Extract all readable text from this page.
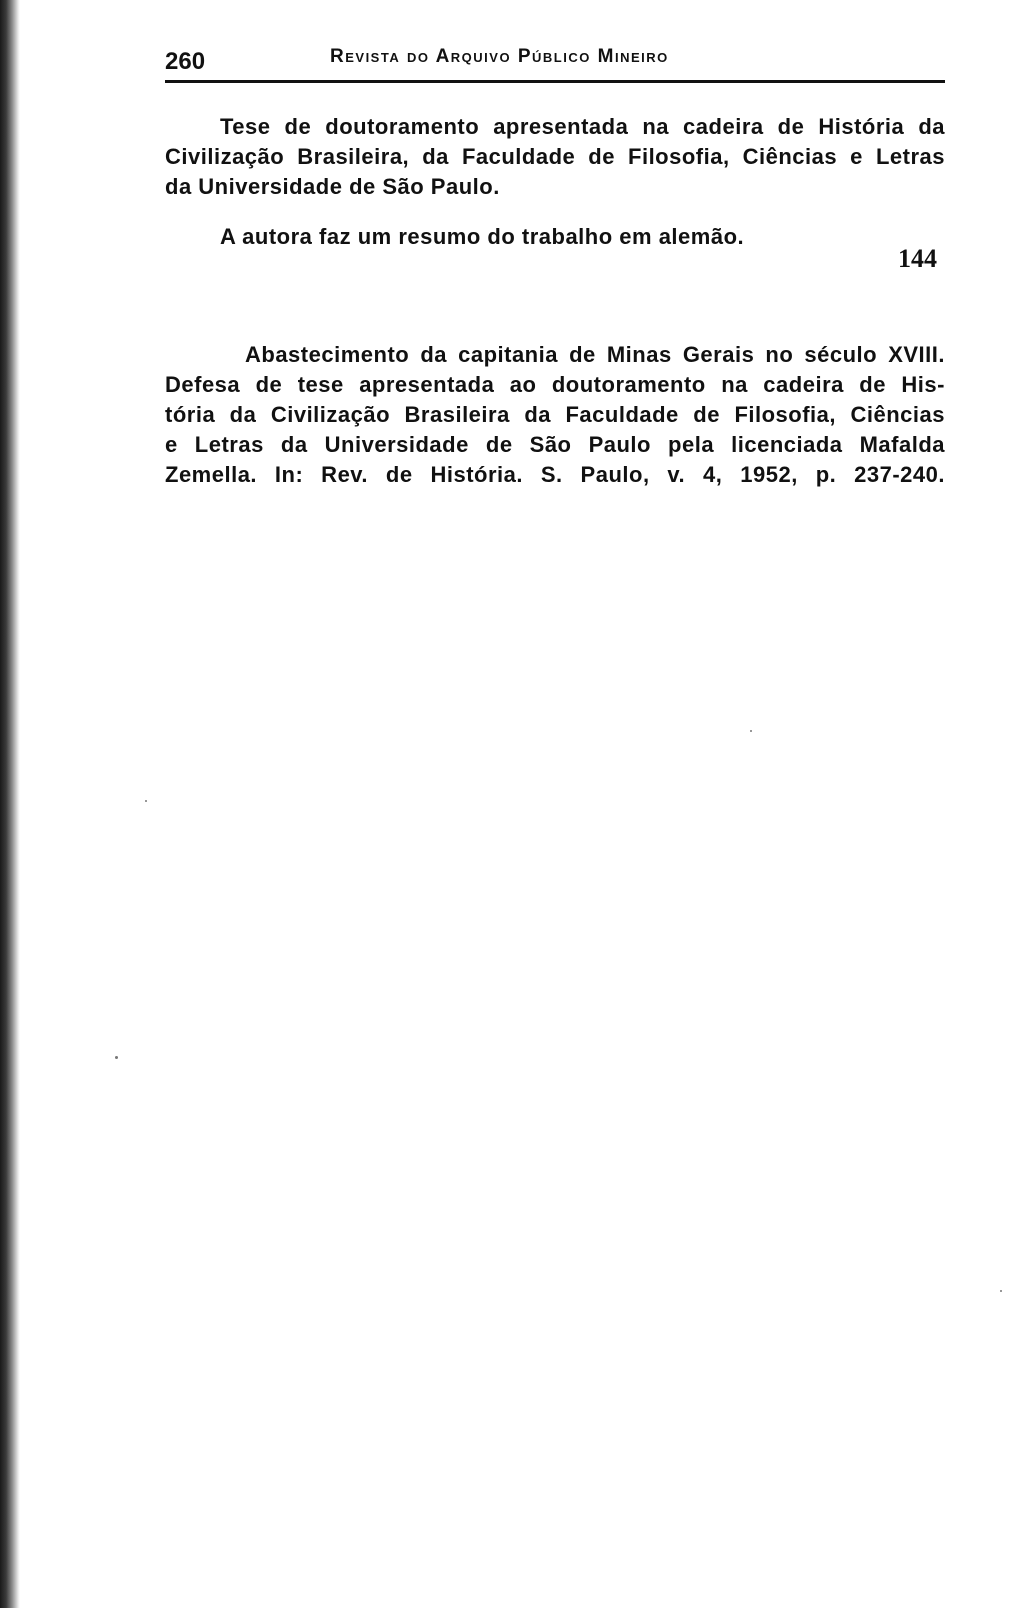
260	Revista do Arquivo Público Mineiro
Tese de doutoramento apresentada na cadeira de História da
Civilização Brasileira, da Faculdade de Filosofia, Ciências e Letras
da Universidade de São Paulo.
A autora faz um resumo do trabalho em alemão.
144
Abastecimento da capitania de Minas Gerais no século XVIII.
Defesa de tese apresentada ao doutoramento na cadeira de His-
tória da Civilização Brasileira da Faculdade de Filosofia, Ciências
e Letras da Universidade de São Paulo pela licenciada Mafalda
Zemella. In: Rev. de História. S. Paulo, v. 4, 1952, p. 237-240.
